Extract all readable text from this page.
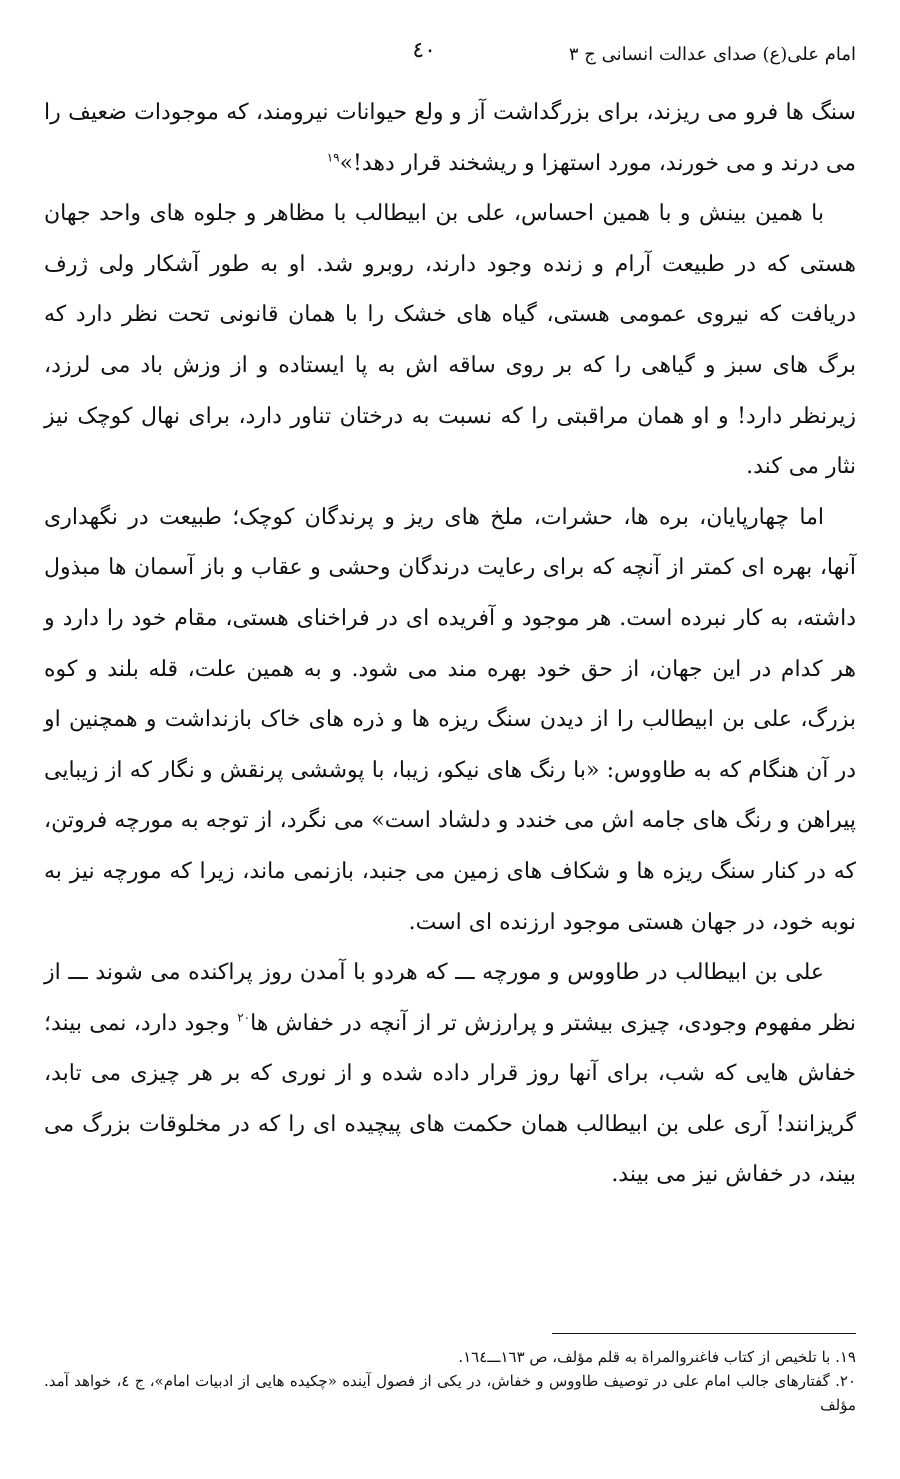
امام علی(ع) صدای عدالت انسانی ج ۳
٤٠

سنگ ها فرو می ریزند، برای بزرگداشت آز و ولع حیوانات نیرومند، که موجودات ضعیف را می درند و می خورند، مورد استهزا و ریشخند قرار دهد!»$^{۱۹}$

با همین بینش و با همین احساس، علی بن ابیطالب با مظاهر و جلوه های واحد جهان هستی که در طبیعت آرام و زنده وجود دارند، روبرو شد. او به طور آشکار ولی ژرف دریافت که نیروی عمومی هستی، گیاه های خشک را با همان قانونی تحت نظر دارد که برگ های سبز و گیاهی را که بر روی ساقه اش به پا ایستاده و از وزش باد می لرزد، زیرنظر دارد! و او همان مراقبتی را که نسبت به درختان تناور دارد، برای نهال کوچک نیز نثار می کند.

اما چهارپایان، بره ها، حشرات، ملخ های ریز و پرندگان کوچک؛ طبیعت در نگهداری آنها، بهره ای کمتر از آنچه که برای رعایت درندگان وحشی و عقاب و باز آسمان ها مبذول داشته، به کار نبرده است. هر موجود و آفریده ای در فراخنای هستی، مقام خود را دارد و هر کدام در این جهان، از حق خود بهره مند می شود. و به همین علت، قله بلند و کوه بزرگ، علی بن ابیطالب را از دیدن سنگ ریزه ها و ذره های خاک بازنداشت و همچنین او در آن هنگام که به طاووس: «با رنگ های نیکو، زیبا، با پوششی پرنقش و نگار که از زیبایی پیراهن و رنگ های جامه اش می خندد و دلشاد است» می نگرد، از توجه به مورچه فروتن، که در کنار سنگ ریزه ها و شکاف های زمین می جنبد، بازنمی ماند، زیرا که مورچه نیز به نوبه خود، در جهان هستی موجود ارزنده ای است.

علی بن ابیطالب در طاووس و مورچه ـــ که هردو با آمدن روز پراکنده می شوند ـــ از نظر مفهوم وجودی، چیزی بیشتر و پرارزش تر از آنچه در خفاش ها$^{۲۰}$ وجود دارد، نمی بیند؛ خفاش هایی که شب، برای آنها روز قرار داده شده و از نوری که بر هر چیزی می تابد، گریزانند! آری علی بن ابیطالب همان حکمت های پیچیده ای را که در مخلوقات بزرگ می بیند، در خفاش نیز می بیند.

١٩. با تلخیص از کتاب فاغنروالمراة به قلم مؤلف، ص ١٦٣ـــ١٦٤.

٢٠. گفتارهای جالب امام علی در توصیف طاووس و خفاش، در یکی از فصول آینده «چکیده هایی از ادبیات امام»، ج ٤، خواهد آمد. مؤلف
